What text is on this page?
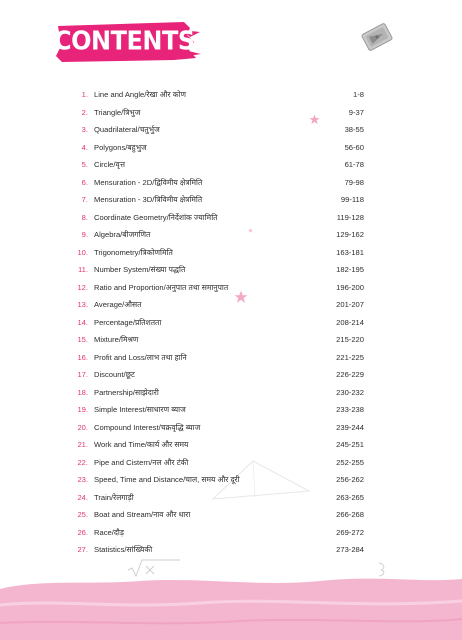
CONTENTS
1. Line and Angle/रेखा और कोण	1-8
2. Triangle/त्रिभुज	9-37
3. Quadrilateral/चतुर्भुज	38-55
4. Polygons/बहुभुज	56-60
5. Circle/वृत्त	61-78
6. Mensuration - 2D/द्विविमीय क्षेत्रमिति	79-98
7. Mensuration - 3D/त्रिविमीय क्षेत्रमिति	99-118
8. Coordinate Geometry/निर्देशांक ज्यामिति	119-128
9. Algebra/बीजगणित	129-162
10. Trigonometry/त्रिकोणमिति	163-181
11. Number System/संख्या पद्धति	182-195
12. Ratio and Proportion/अनुपात तथा समानुपात	196-200
13. Average/औसत	201-207
14. Percentage/प्रतिशतता	208-214
15. Mixture/मिश्रण	215-220
16. Profit and Loss/लाभ तथा हानि	221-225
17. Discount/छूट	226-229
18. Partnership/साझेदारी	230-232
19. Simple Interest/साधारण ब्याज	233-238
20. Compound Interest/चक्रवृद्धि ब्याज	239-244
21. Work and Time/कार्य और समय	245-251
22. Pipe and Cistern/नल और टंकी	252-255
23. Speed, Time and Distance/चाल, समय और दूरी	256-262
24. Train/रेलगाड़ी	263-265
25. Boat and Stream/नाव और धारा	266-268
26. Race/दौड़	269-272
27. Statistics/सांख्यिकी	273-284
